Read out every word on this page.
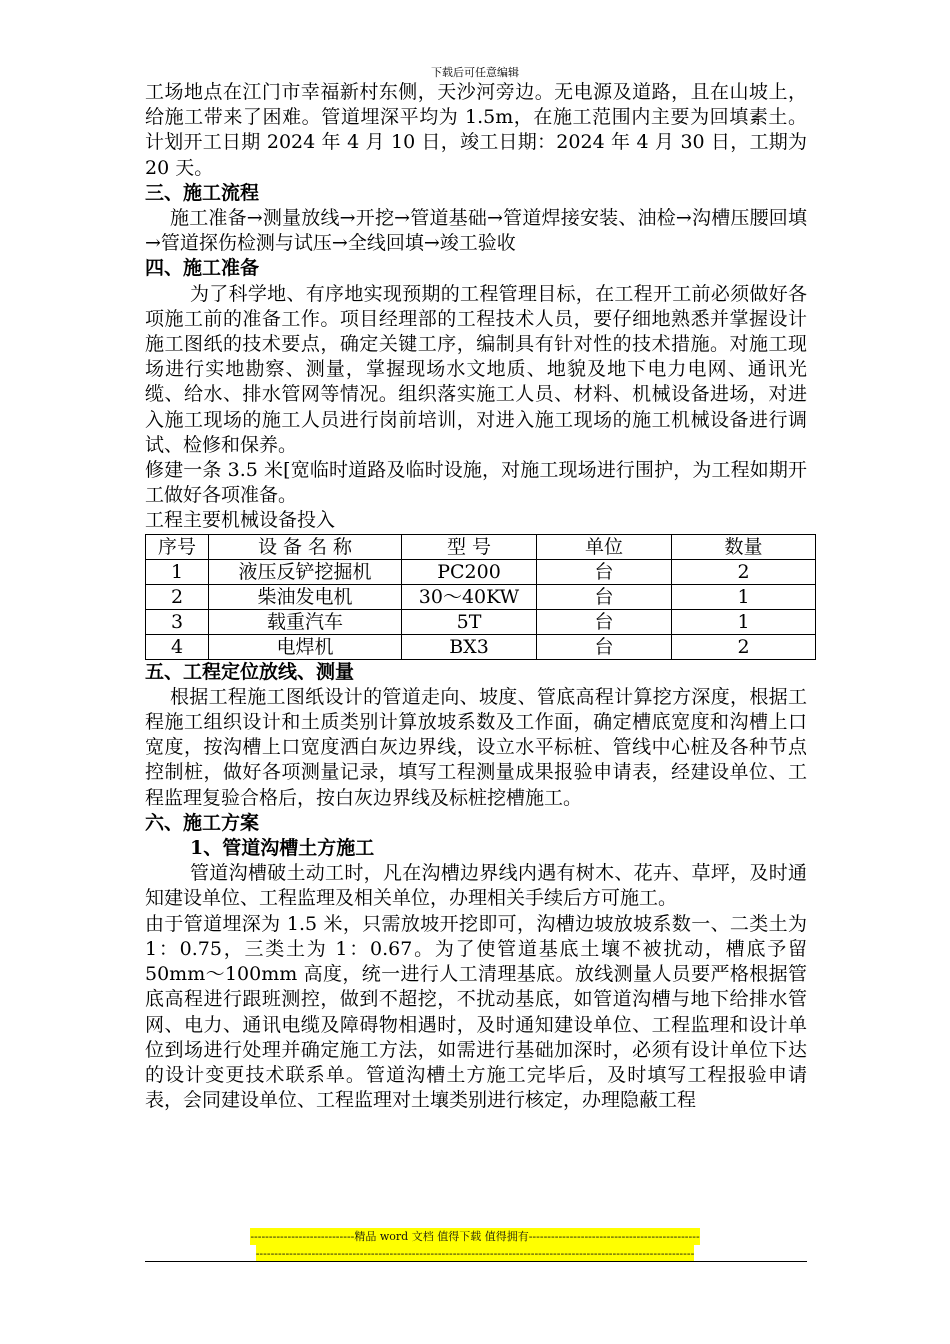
下载后可任意编辑

工场地点在江门市幸福新村东侧，天沙河旁边。无电源及道路，且在山坡上，给施工带来了困难。管道埋深平均为 1.5m，在施工范围内主要为回填素土。计划开工日期 2024 年 4 月 10 日，竣工日期：2024 年 4 月 30 日，工期为 20 天。

三、施工流程

施工准备→测量放线→开挖→管道基础→管道焊接安装、油检→沟槽压腰回填→管道探伤检测与试压→全线回填→竣工验收

四、施工准备

为了科学地、有序地实现预期的工程管理目标，在工程开工前必须做好各项施工前的准备工作。项目经理部的工程技术人员，要仔细地熟悉并掌握设计施工图纸的技术要点，确定关键工序，编制具有针对性的技术措施。对施工现场进行实地勘察、测量，掌握现场水文地质、地貌及地下电力电网、通讯光缆、给水、排水管网等情况。组织落实施工人员、材料、机械设备进场，对进入施工现场的施工人员进行岗前培训，对进入施工现场的施工机械设备进行调试、检修和保养。

修建一条 3.5 米[宽临时道路及临时设施，对施工现场进行围护，为工程如期开工做好各项准备。

工程主要机械设备投入

序号	设 备 名 称	型 号	单位	数量
1	液压反铲挖掘机	PC200	台	2
2	柴油发电机	30～40KW	台	1
3	载重汽车	5T	台	1
4	电焊机	BX3	台	2

五、工程定位放线、测量

根据工程施工图纸设计的管道走向、坡度、管底高程计算挖方深度，根据工程施工组织设计和土质类别计算放坡系数及工作面，确定槽底宽度和沟槽上口宽度，按沟槽上口宽度洒白灰边界线，设立水平标桩、管线中心桩及各种节点控制桩，做好各项测量记录，填写工程测量成果报验申请表，经建设单位、工程监理复验合格后，按白灰边界线及标桩挖槽施工。

六、施工方案

1、管道沟槽土方施工

管道沟槽破土动工时，凡在沟槽边界线内遇有树木、花卉、草坪，及时通知建设单位、工程监理及相关单位，办理相关手续后方可施工。

由于管道埋深为 1.5 米，只需放坡开挖即可，沟槽边坡放坡系数一、二类土为 1：0.75，三类土为 1：0.67。为了使管道基底土壤不被扰动，槽底予留 50mm～100mm 高度，统一进行人工清理基底。放线测量人员要严格根据管底高程进行跟班测控，做到不超挖，不扰动基底，如管道沟槽与地下给排水管网、电力、通讯电缆及障碍物相遇时，及时通知建设单位、工程监理和设计单位到场进行处理并确定施工方法，如需进行基础加深时，必须有设计单位下达的设计变更技术联系单。管道沟槽土方施工完毕后，及时填写工程报验申请表，会同建设单位、工程监理对土壤类别进行核定，办理隐蔽工程

----------------------------精品 word 文档 值得下载 值得拥有----------------------------------------------
----------------------------------------------------------------------------------------------------------------------
